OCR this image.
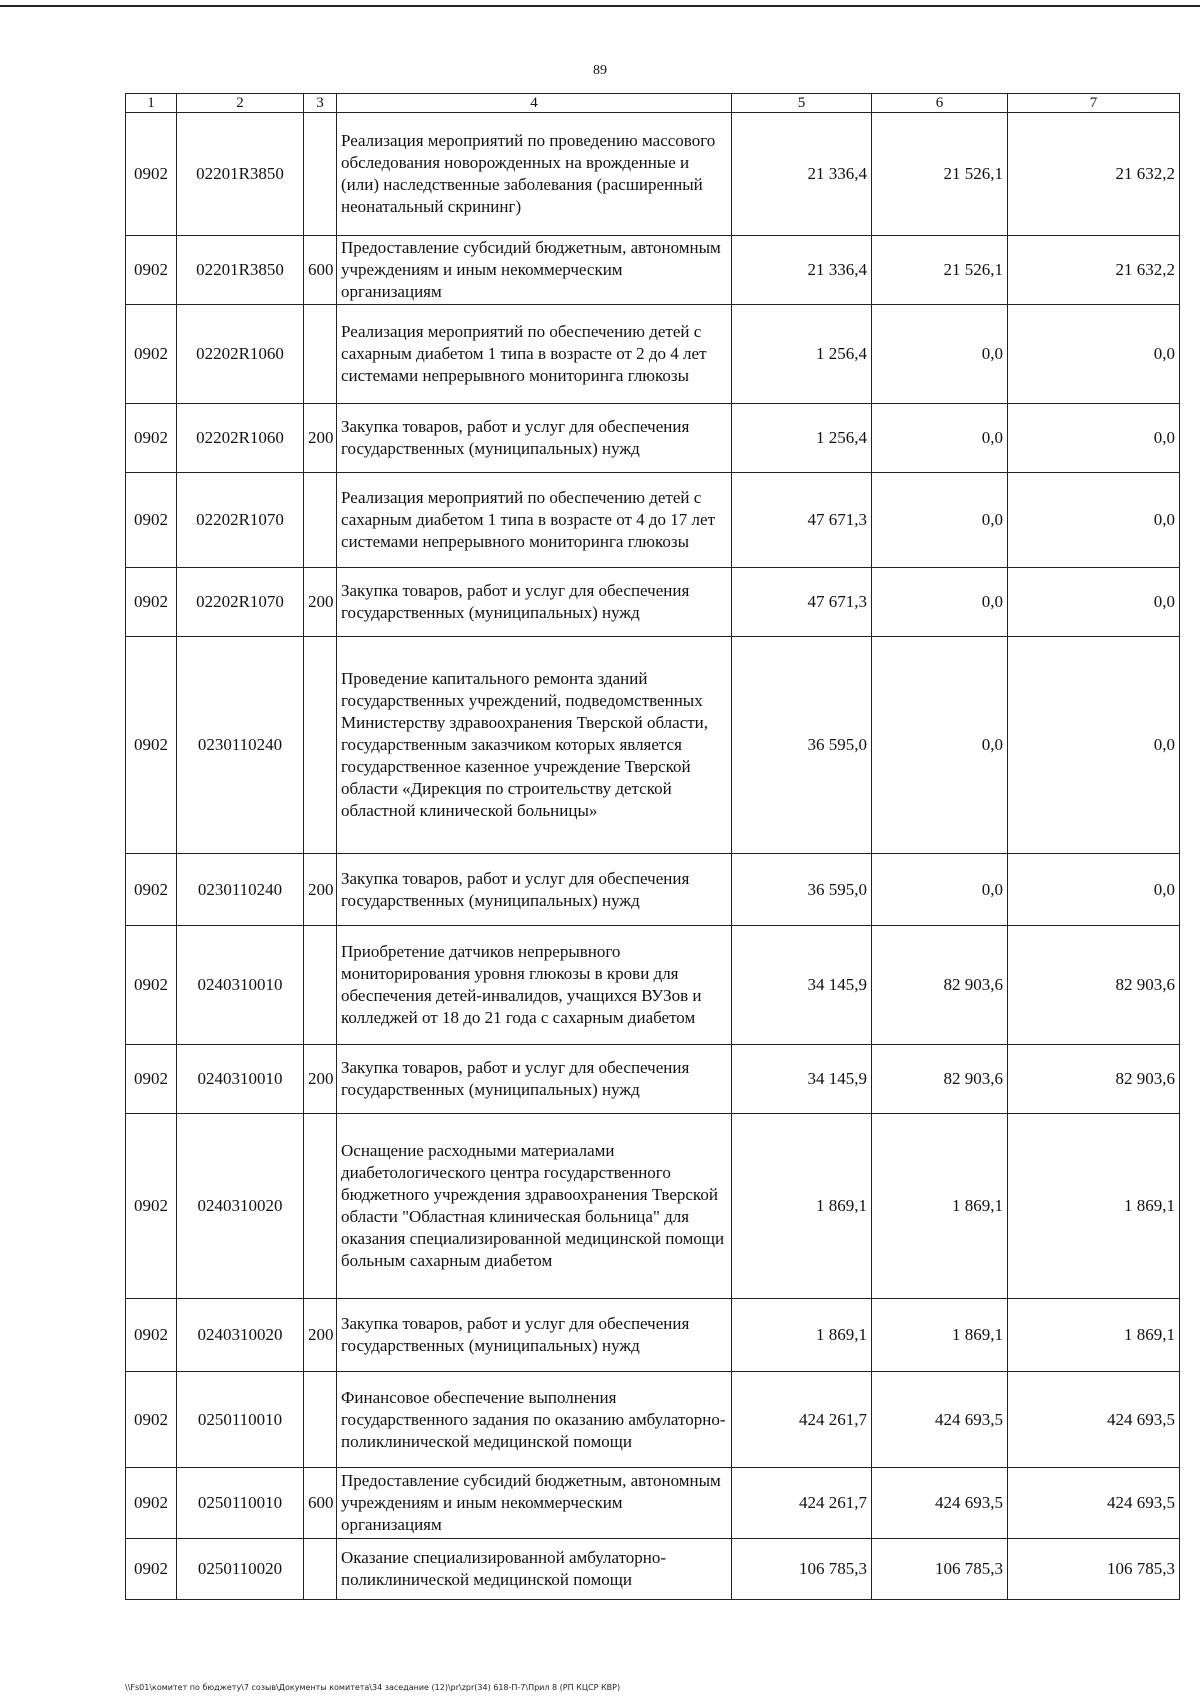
89
1	2	3	4	5	6	7
0902	02201R3850		Реализация мероприятий по проведению массового обследования новорожденных на врожденные и (или) наследственные заболевания (расширенный неонатальный скрининг)	21 336,4	21 526,1	21 632,2
0902	02201R3850	600	Предоставление субсидий бюджетным, автономным учреждениям и иным некоммерческим организациям	21 336,4	21 526,1	21 632,2
0902	02202R1060		Реализация мероприятий по обеспечению детей с сахарным диабетом 1 типа в возрасте от 2 до 4 лет системами непрерывного мониторинга глюкозы	1 256,4	0,0	0,0
0902	02202R1060	200	Закупка товаров, работ и услуг для обеспечения государственных (муниципальных) нужд	1 256,4	0,0	0,0
0902	02202R1070		Реализация мероприятий по обеспечению детей с сахарным диабетом 1 типа в возрасте от 4 до 17 лет системами непрерывного мониторинга глюкозы	47 671,3	0,0	0,0
0902	02202R1070	200	Закупка товаров, работ и услуг для обеспечения государственных (муниципальных) нужд	47 671,3	0,0	0,0
0902	0230110240		Проведение капитального ремонта зданий государственных учреждений, подведомственных Министерству здравоохранения Тверской области, государственным заказчиком которых является государственное казенное учреждение Тверской области «Дирекция по строительству детской областной клинической больницы»	36 595,0	0,0	0,0
0902	0230110240	200	Закупка товаров, работ и услуг для обеспечения государственных (муниципальных) нужд	36 595,0	0,0	0,0
0902	0240310010		Приобретение датчиков непрерывного мониторирования уровня глюкозы в крови для обеспечения детей-инвалидов, учащихся ВУЗов и колледжей от 18 до 21 года с сахарным диабетом	34 145,9	82 903,6	82 903,6
0902	0240310010	200	Закупка товаров, работ и услуг для обеспечения государственных (муниципальных) нужд	34 145,9	82 903,6	82 903,6
0902	0240310020		Оснащение расходными материалами диабетологического центра государственного бюджетного учреждения здравоохранения Тверской области "Областная клиническая больница" для оказания специализированной медицинской помощи больным сахарным диабетом	1 869,1	1 869,1	1 869,1
0902	0240310020	200	Закупка товаров, работ и услуг для обеспечения государственных (муниципальных) нужд	1 869,1	1 869,1	1 869,1
0902	0250110010		Финансовое обеспечение выполнения государственного задания по оказанию амбулаторно-поликлинической медицинской помощи	424 261,7	424 693,5	424 693,5
0902	0250110010	600	Предоставление субсидий бюджетным, автономным учреждениям и иным некоммерческим организациям	424 261,7	424 693,5	424 693,5
0902	0250110020		Оказание специализированной амбулаторно-поликлинической медицинской помощи	106 785,3	106 785,3	106 785,3
\\Fs01\комитет по бюджету\7 созыв\Документы комитета\34 заседание (12)\pr\zpr(34) 618-П-7\Прил 8 (РП КЦСР КВР)
